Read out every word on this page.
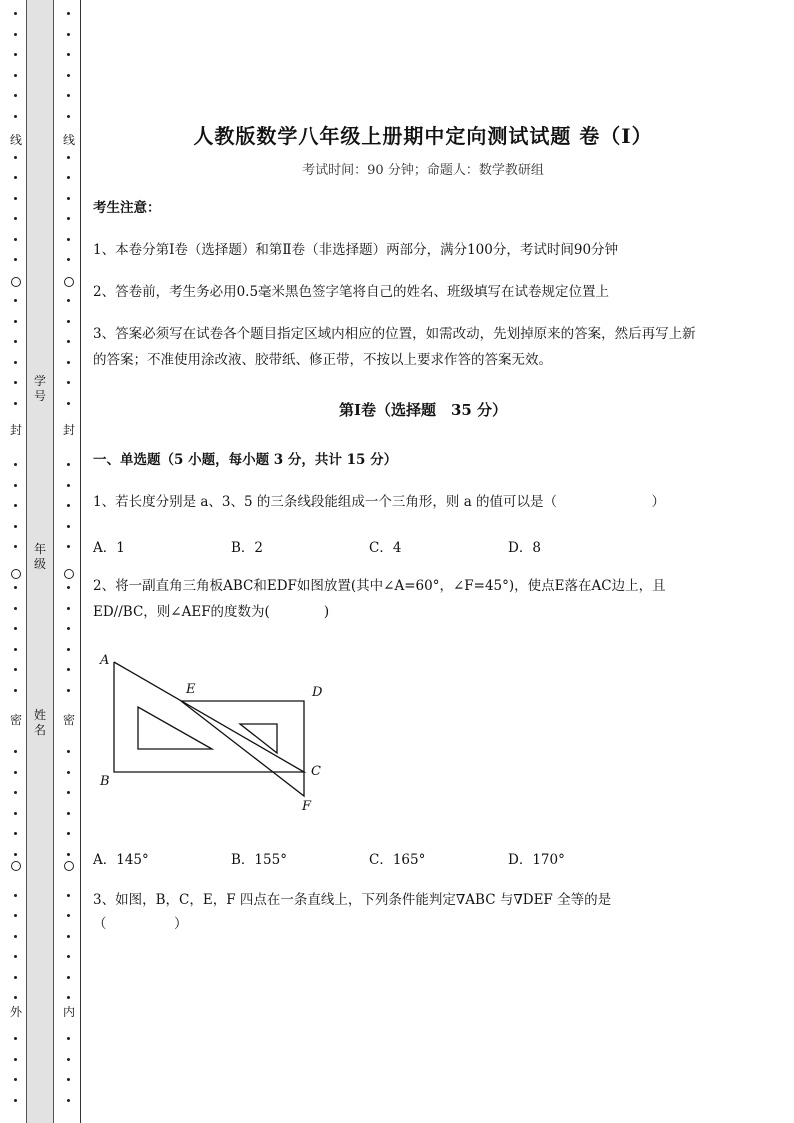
线
封
密
外
线
封
密
内
学号
年级
姓名
人教版数学八年级上册期中定向测试试题 卷（Ⅰ）
考试时间：90 分钟；命题人：数学教研组
考生注意：
1、本卷分第Ⅰ卷（选择题）和第Ⅱ卷（非选择题）两部分，满分100分，考试时间90分钟
2、答卷前，考生务必用0.5毫米黑色签字笔将自己的姓名、班级填写在试卷规定位置上
3、答案必须写在试卷各个题目指定区域内相应的位置，如需改动，先划掉原来的答案，然后再写上新
的答案；不准使用涂改液、胶带纸、修正带，不按以上要求作答的答案无效。
第Ⅰ卷（选择题　35 分）
一、单选题（5 小题，每小题 3 分，共计 15 分）
1、若长度分别是 a、3、5 的三条线段能组成一个三角形，则 a 的值可以是（　　　　　　　）
A．1	B．2	C．4	D．8
2、将一副直角三角板ABC和EDF如图放置(其中∠A=60°，∠F=45°)，使点E落在AC边上，且
ED//BC，则∠AEF的度数为(　　　　)
A．145°	B．155°	C．165°	D．170°
3、如图，B，C，E，F 四点在一条直线上，下列条件能判定∇ABC 与∇DEF 全等的是
（　　　　　）
A
E	D
B
C
F
